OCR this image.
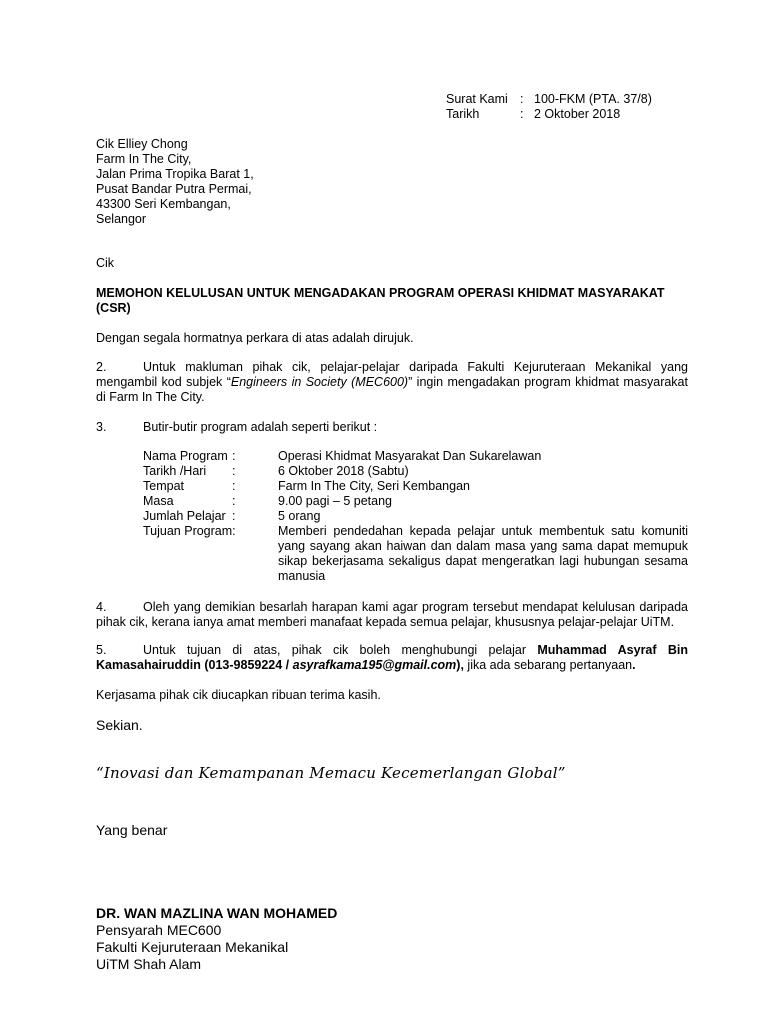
Surat Kami : 100-FKM (PTA. 37/8)
Tarikh	: 2 Oktober 2018
Cik Elliey Chong
Farm In The City,
Jalan Prima Tropika Barat 1,
Pusat Bandar Putra Permai,
43300 Seri Kembangan,
Selangor
Cik
MEMOHON KELULUSAN UNTUK MENGADAKAN PROGRAM OPERASI KHIDMAT MASYARAKAT
(CSR)
Dengan segala hormatnya perkara di atas adalah dirujuk.
2.	Untuk makluman pihak cik, pelajar-pelajar daripada Fakulti Kejuruteraan Mekanikal yang
mengambil kod subjek “Engineers in Society (MEC600)” ingin mengadakan program khidmat masyarakat
di Farm In The City.
3.	Butir-butir program adalah seperti berikut :
Nama Program :	Operasi Khidmat Masyarakat Dan Sukarelawan
Tarikh /Hari :	6 Oktober 2018 (Sabtu)
Tempat	:	Farm In The City, Seri Kembangan
Masa	:	9.00 pagi – 5 petang
Jumlah Pelajar :	5 orang
Tujuan Program:	Memberi pendedahan kepada pelajar untuk membentuk satu komuniti
yang sayang akan haiwan dan dalam masa yang sama dapat memupuk
sikap bekerjasama sekaligus dapat mengeratkan lagi hubungan sesama
manusia
4.	Oleh yang demikian besarlah harapan kami agar program tersebut mendapat kelulusan daripada
pihak cik, kerana ianya amat memberi manafaat kepada semua pelajar, khususnya pelajar-pelajar UiTM.
5.	Untuk tujuan di atas, pihak cik boleh menghubungi pelajar Muhammad Asyraf Bin
Kamasahairuddin (013-9859224 / asyrafkama195@gmail.com), jika ada sebarang pertanyaan.
Kerjasama pihak cik diucapkan ribuan terima kasih.
Sekian.
“Inovasi dan Kemampanan Memacu Kecemerlangan Global”
Yang benar
DR. WAN MAZLINA WAN MOHAMED
Pensyarah MEC600
Fakulti Kejuruteraan Mekanikal
UiTM Shah Alam
